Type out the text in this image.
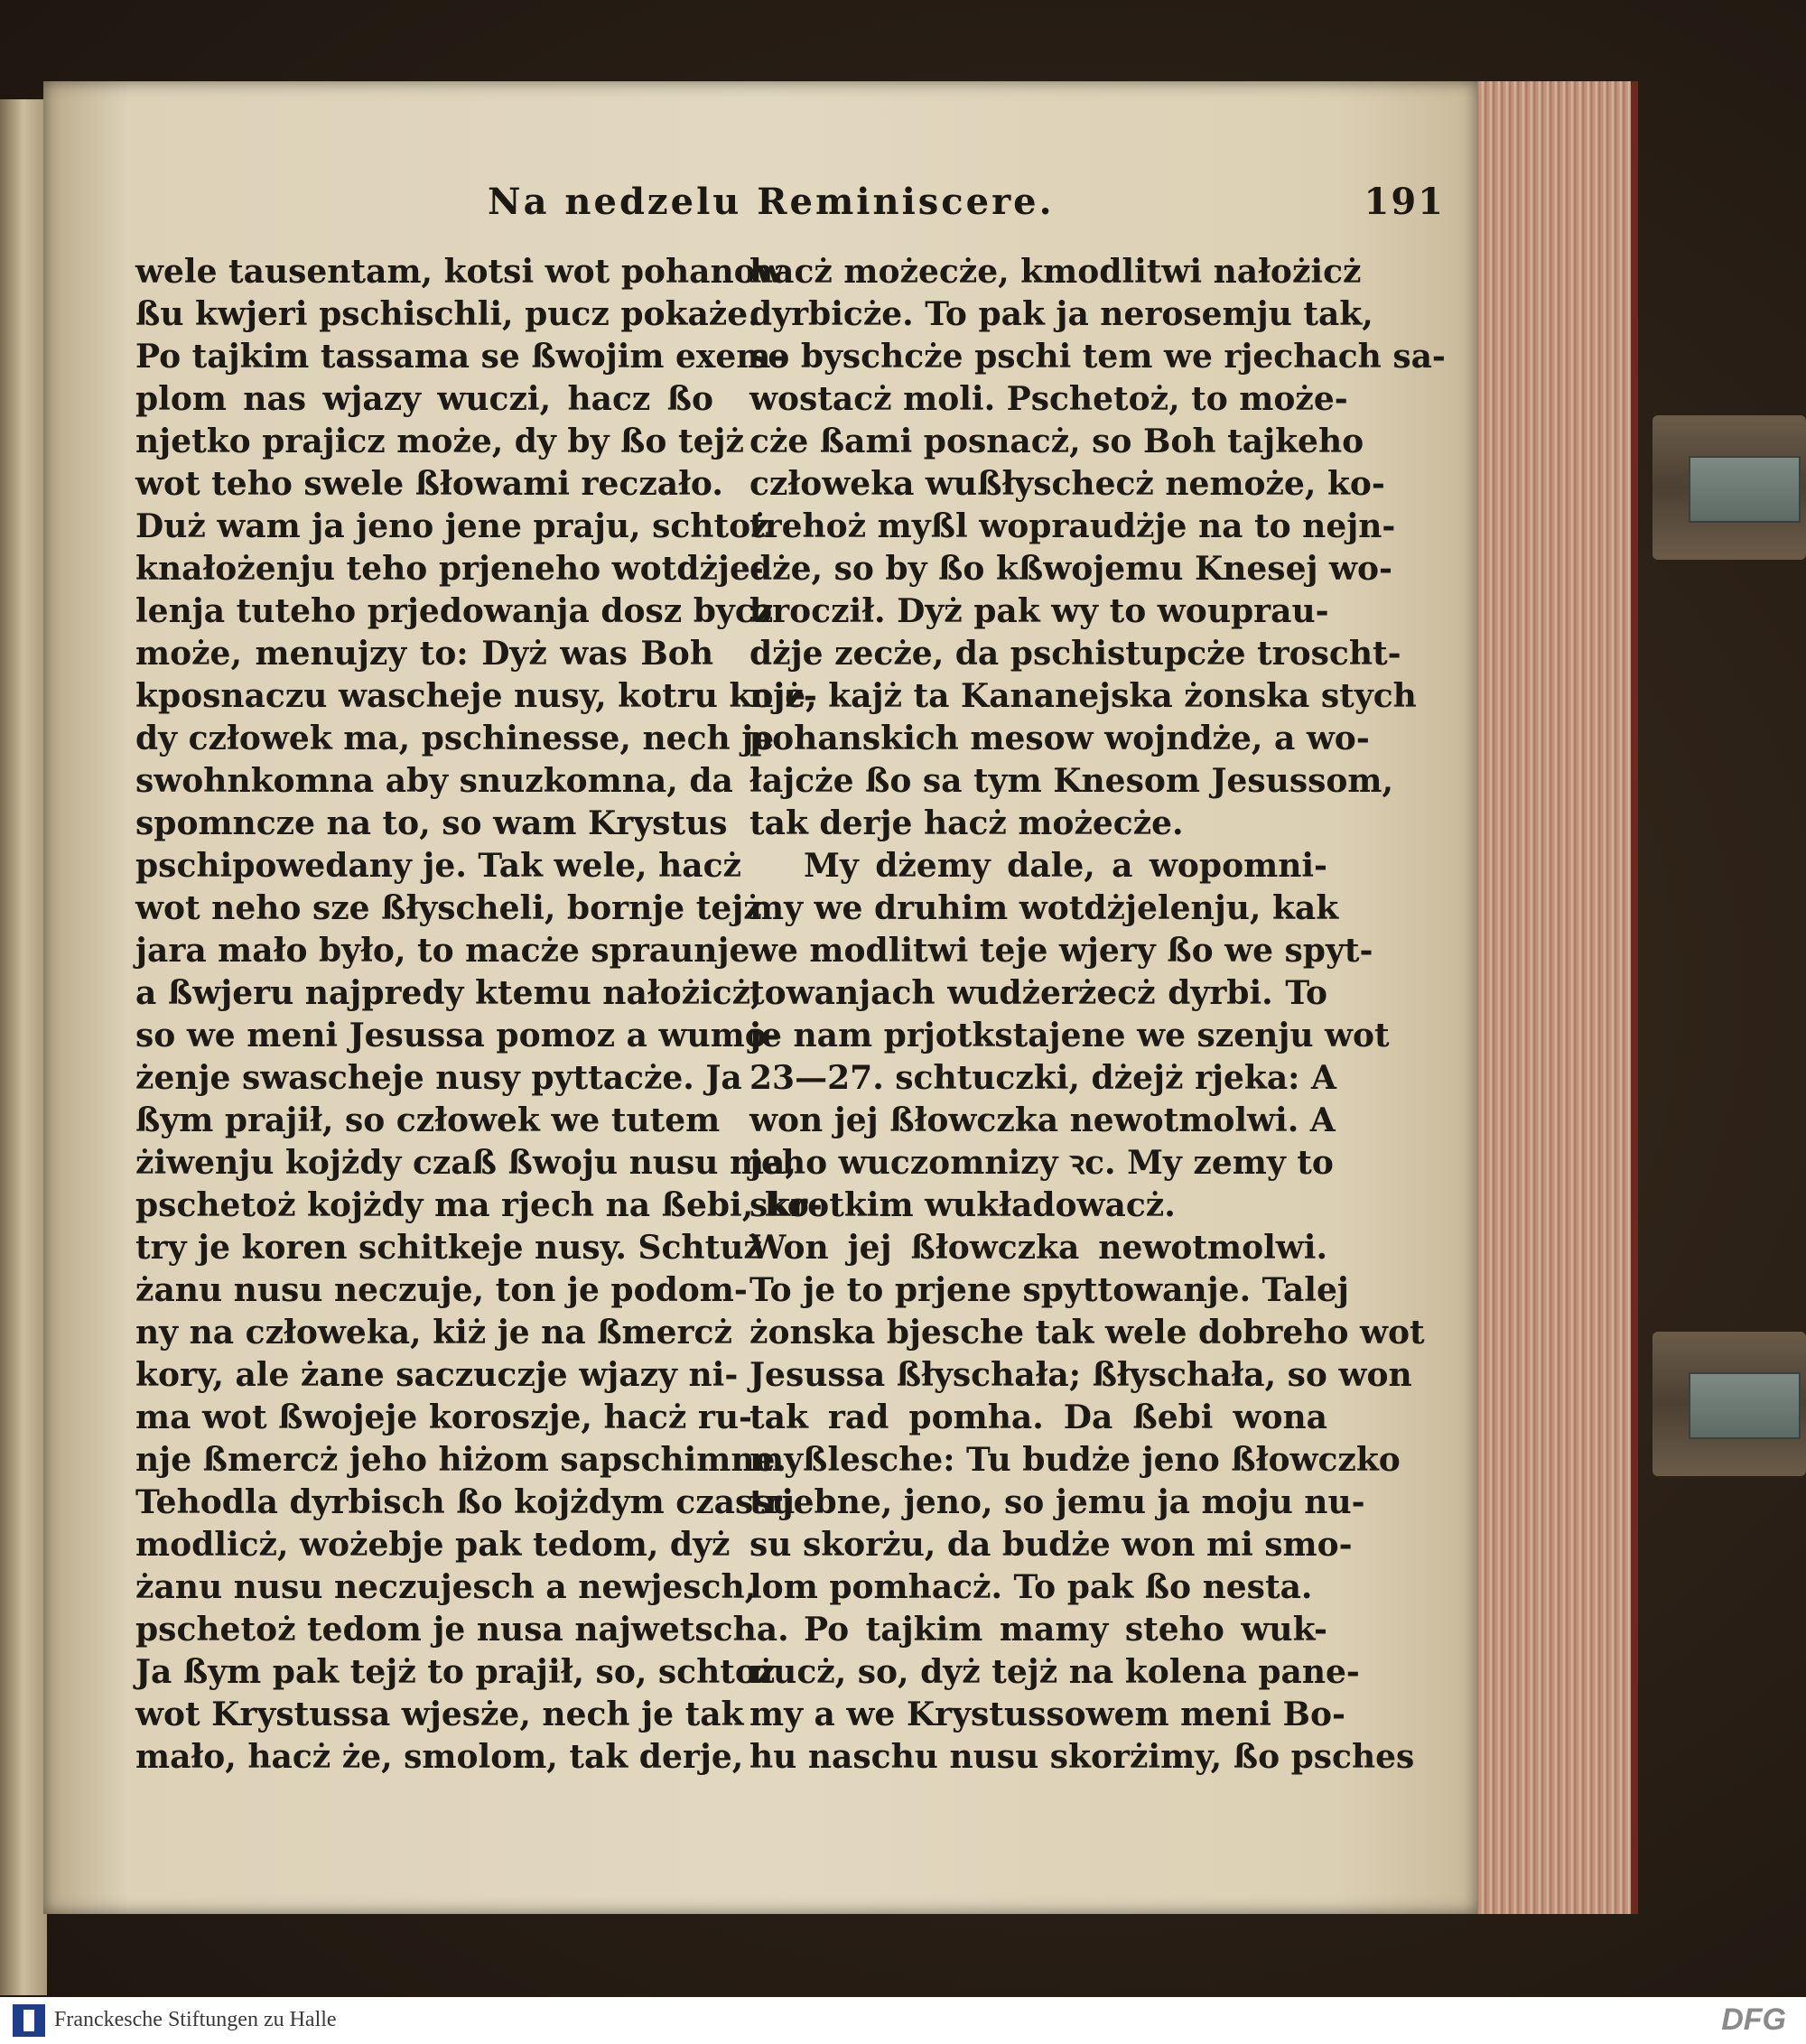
Na nedzelu Reminiscere.	191
wele tausentam, kotsi wot pohanow
ßu kwjeri pschischli, pucz pokaże.
Po tajkim tassama se ßwojim exem-
plom nas wjazy wuczi, hacz ßo
njetko prajicz może, dy by ßo tejż
wot teho swele ßłowami reczało.
Duż wam ja jeno jene praju, schtoż
knałożenju teho prjeneho wotdżje-
lenja tuteho prjedowanja dosz bycz
może, menujzy to: Dyż was Boh
kposnaczu wascheje nusy, kotru kojż-
dy człowek ma, pschinesse, nech je
swohnkomna aby snuzkomna, da
spomncze na to, so wam Krystus
pschipowedany je. Tak wele, hacż
wot neho sze ßłyscheli, bornje tejż
jara mało było, to macże spraunje
a ßwjeru najpredy ktemu nałożicż,
so we meni Jesussa pomoz a wumo-
żenje swascheje nusy pyttacże. Ja
ßym prajił, so człowek we tutem
żiwenju kojżdy czaß ßwoju nusu ma,
pschetoż kojżdy ma rjech na ßebi, ko-
try je koren schitkeje nusy. Schtuż
żanu nusu neczuje, ton je podom-
ny na człoweka, kiż je na ßmercż
kory, ale żane saczuczje wjazy ni-
ma wot ßwojeje koroszje, hacż ru-
nje ßmercż jeho hiżom sapschimne.
Tehodla dyrbisch ßo kojżdym czassu
modlicż, wożebje pak tedom, dyż
żanu nusu neczujesch a newjesch,
pschetoż tedom je nusa najwetscha.
Ja ßym pak tejż to prajił, so, schtoż
wot Krystussa wjesże, nech je tak
mało, hacż że, smolom, tak derje,
hacż możecże, kmodlitwi nałożicż
dyrbicże. To pak ja nerosemju tak,
so byschcże pschi tem we rjechach sa-
wostacż moli. Pschetoż, to może-
cże ßami posnacż, so Boh tajkeho
człoweka wußłyschecż nemoże, ko-
trehoż myßl wopraudżje na to nejn-
dże, so by ßo kßwojemu Knesej wo-
brocził. Dyż pak wy to wouprau-
dżje zecże, da pschistupcże troscht-
nje, kajż ta Kananejska żonska stych
pohanskich mesow wojndże, a wo-
łajcże ßo sa tym Knesom Jesussom,
tak derje hacż możecże.
My dżemy dale, a wopomni-
my we druhim wotdżjelenju, kak
we modlitwi teje wjery ßo we spyt-
towanjach wudżerżecż dyrbi. To
je nam prjotkstajene we szenju wot
23—27. schtuczki, dżejż rjeka: A
won jej ßłowczka newotmolwi. A
jeho wuczomnizy ꝛc. My zemy to
skrotkim wukładowacż.
Won jej ßłowczka newotmolwi.
To je to prjene spyttowanje. Talej
żonska bjesche tak wele dobreho wot
Jesussa ßłyschała; ßłyschała, so won
tak rad pomha. Da ßebi wona
myßlesche: Tu budże jeno ßłowczko
trjebne, jeno, so jemu ja moju nu-
su skorżu, da budże won mi smo-
lom pomhacż. To pak ßo nesta.
Po tajkim mamy steho wuk-
nucż, so, dyż tejż na kolena pane-
my a we Krystussowem meni Bo-
hu naschu nusu skorżimy, ßo psches
Franckesche Stiftungen zu Halle	DFG
